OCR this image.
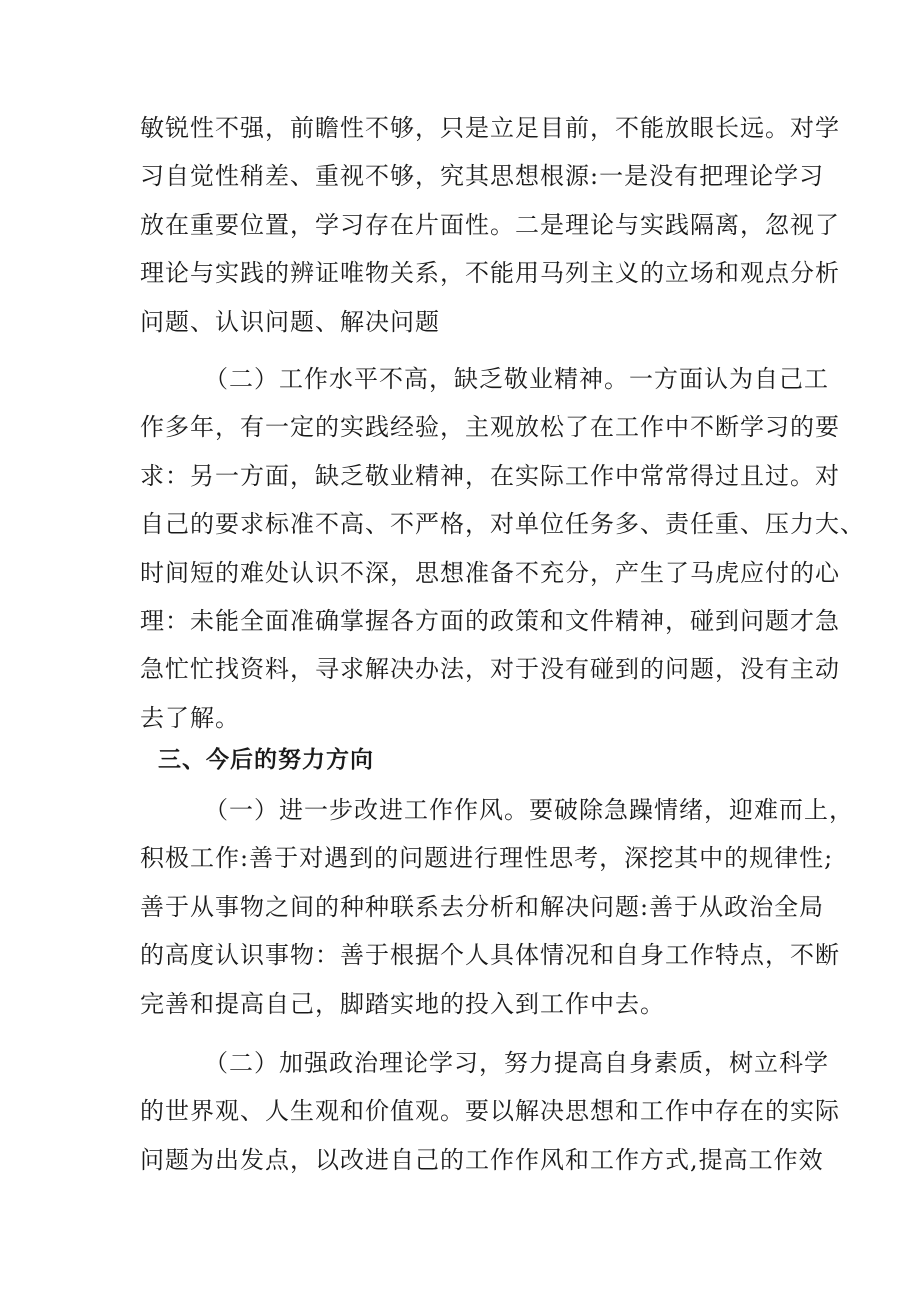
敏锐性不强，前瞻性不够，只是立足目前，不能放眼长远。对学
习自觉性稍差、重视不够，究其思想根源:一是没有把理论学习
放在重要位置，学习存在片面性。二是理论与实践隔离，忽视了
理论与实践的辨证唯物关系，不能用马列主义的立场和观点分析
问题、认识问题、解决问题
（二）工作水平不高，缺乏敬业精神。一方面认为自己工
作多年，有一定的实践经验，主观放松了在工作中不断学习的要
求：另一方面，缺乏敬业精神，在实际工作中常常得过且过。对
自己的要求标准不高、不严格，对单位任务多、责任重、压力大、
时间短的难处认识不深，思想准备不充分，产生了马虎应付的心
理：未能全面准确掌握各方面的政策和文件精神，碰到问题才急
急忙忙找资料，寻求解决办法，对于没有碰到的问题，没有主动
去了解。
三、今后的努力方向
（一）进一步改进工作作风。要破除急躁情绪，迎难而上，
积极工作:善于对遇到的问题进行理性思考，深挖其中的规律性;
善于从事物之间的种种联系去分析和解决问题:善于从政治全局
的高度认识事物：善于根据个人具体情况和自身工作特点，不断
完善和提高自己，脚踏实地的投入到工作中去。
（二）加强政治理论学习，努力提高自身素质，树立科学
的世界观、人生观和价值观。要以解决思想和工作中存在的实际
问题为出发点，以改进自己的工作作风和工作方式,提高工作效
